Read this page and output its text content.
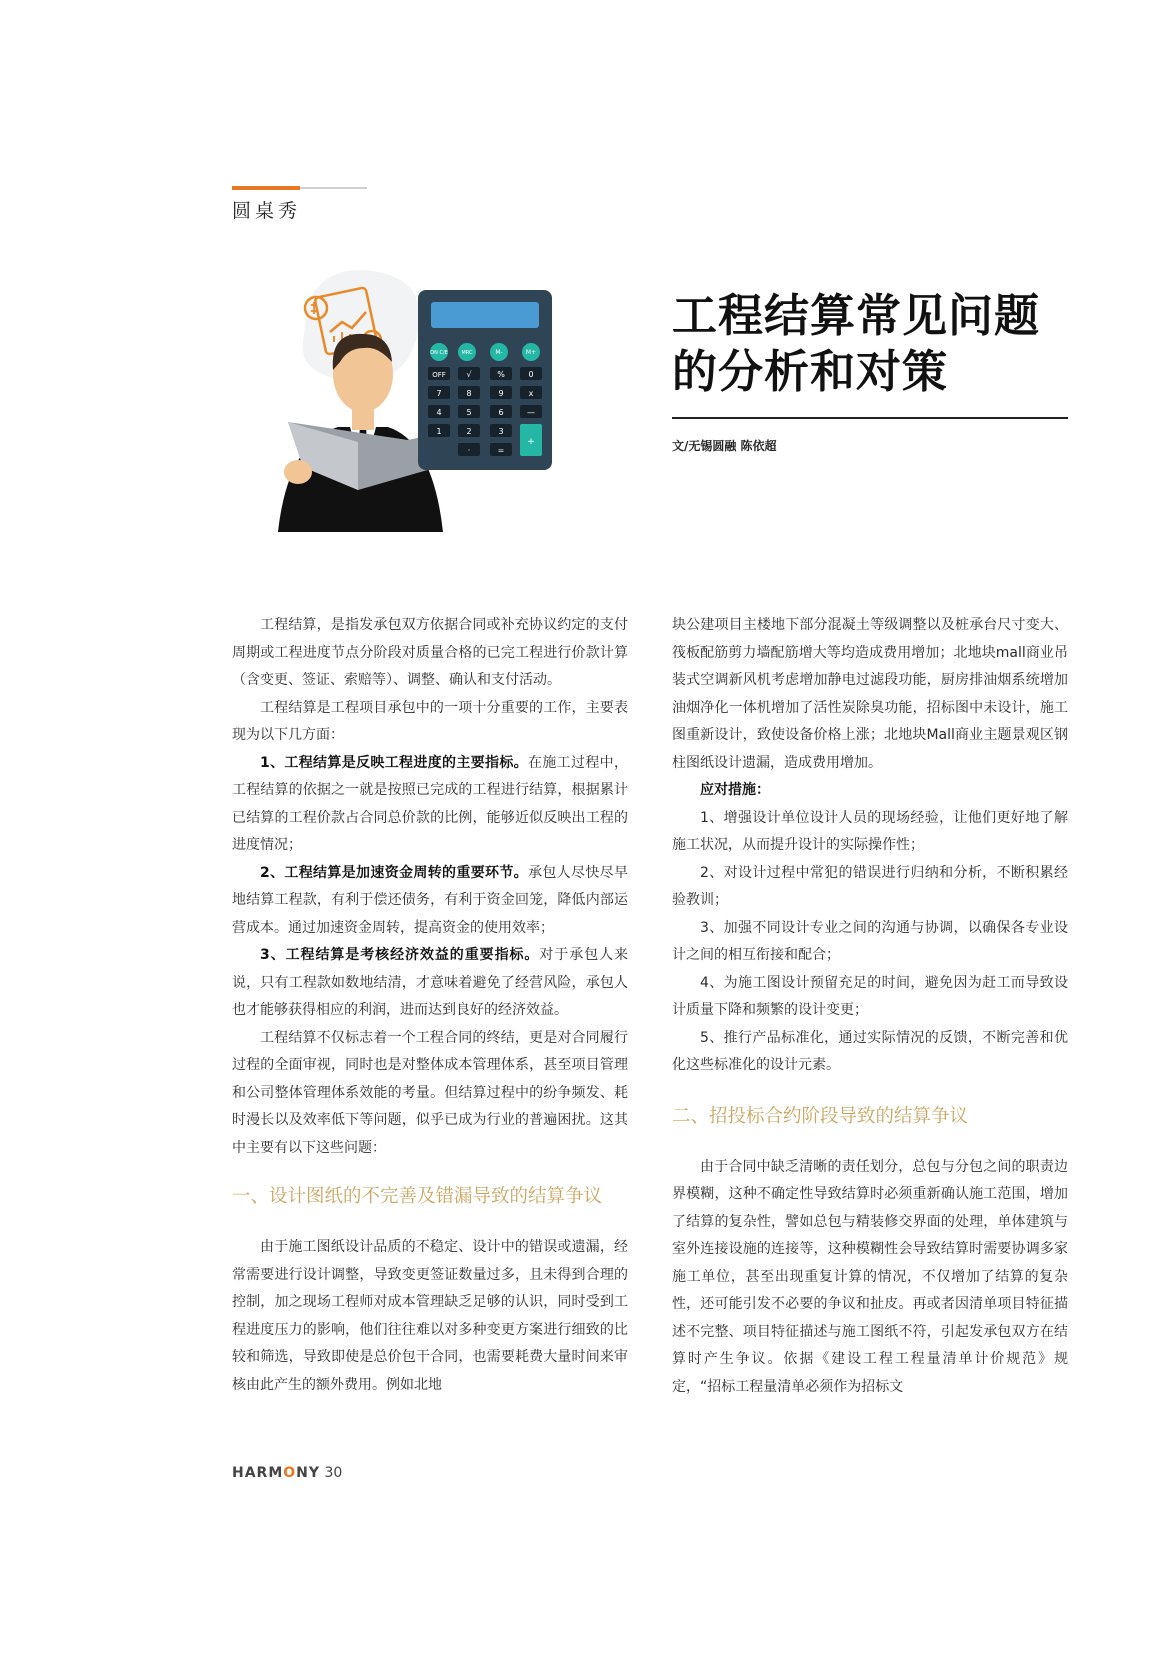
圆桌秀
ON C/E	MRC	M-	M+
OFF	√	%	0
7	8	9	x
4	5	6	—
1	2	3
+
·	=
工程结算常见问题
的分析和对策
文/无锡圆融 陈依超

工程结算，是指发承包双方依据合同或补充协议约定的支付周期或工程进度节点分阶段对质量合格的已完工程进行价款计算（含变更、签证、索赔等）、调整、确认和支付活动。

工程结算是工程项目承包中的一项十分重要的工作，主要表现为以下几方面：

1、工程结算是反映工程进度的主要指标。在施工过程中，工程结算的依据之一就是按照已完成的工程进行结算，根据累计已结算的工程价款占合同总价款的比例，能够近似反映出工程的进度情况；

2、工程结算是加速资金周转的重要环节。承包人尽快尽早地结算工程款，有利于偿还债务，有利于资金回笼，降低内部运营成本。通过加速资金周转，提高资金的使用效率；

3、工程结算是考核经济效益的重要指标。对于承包人来说，只有工程款如数地结清，才意味着避免了经营风险，承包人也才能够获得相应的利润，进而达到良好的经济效益。

工程结算不仅标志着一个工程合同的终结，更是对合同履行过程的全面审视，同时也是对整体成本管理体系，甚至项目管理和公司整体管理体系效能的考量。但结算过程中的纷争频发、耗时漫长以及效率低下等问题，似乎已成为行业的普遍困扰。这其中主要有以下这些问题：

一、设计图纸的不完善及错漏导致的结算争议

由于施工图纸设计品质的不稳定、设计中的错误或遗漏，经常需要进行设计调整，导致变更签证数量过多，且未得到合理的控制，加之现场工程师对成本管理缺乏足够的认识，同时受到工程进度压力的影响，他们往往难以对多种变更方案进行细致的比较和筛选，导致即使是总价包干合同，也需要耗费大量时间来审核由此产生的额外费用。例如北地

块公建项目主楼地下部分混凝土等级调整以及桩承台尺寸变大、筏板配筋剪力墙配筋增大等均造成费用增加；北地块mall商业吊装式空调新风机考虑增加静电过滤段功能，厨房排油烟系统增加油烟净化一体机增加了活性炭除臭功能，招标图中未设计，施工图重新设计，致使设备价格上涨；北地块Mall商业主题景观区钢柱图纸设计遗漏，造成费用增加。

应对措施：

1、增强设计单位设计人员的现场经验，让他们更好地了解施工状况，从而提升设计的实际操作性；

2、对设计过程中常犯的错误进行归纳和分析，不断积累经验教训；

3、加强不同设计专业之间的沟通与协调，以确保各专业设计之间的相互衔接和配合；

4、为施工图设计预留充足的时间，避免因为赶工而导致设计质量下降和频繁的设计变更；

5、推行产品标准化，通过实际情况的反馈，不断完善和优化这些标准化的设计元素。

二、招投标合约阶段导致的结算争议

由于合同中缺乏清晰的责任划分，总包与分包之间的职责边界模糊，这种不确定性导致结算时必须重新确认施工范围，增加了结算的复杂性，譬如总包与精装修交界面的处理，单体建筑与室外连接设施的连接等，这种模糊性会导致结算时需要协调多家施工单位，甚至出现重复计算的情况，不仅增加了结算的复杂性，还可能引发不必要的争议和扯皮。再或者因清单项目特征描述不完整、项目特征描述与施工图纸不符，引起发承包双方在结算时产生争议。依据《建设工程工程量清单计价规范》规定，“招标工程量清单必须作为招标文

HARMONY 30
